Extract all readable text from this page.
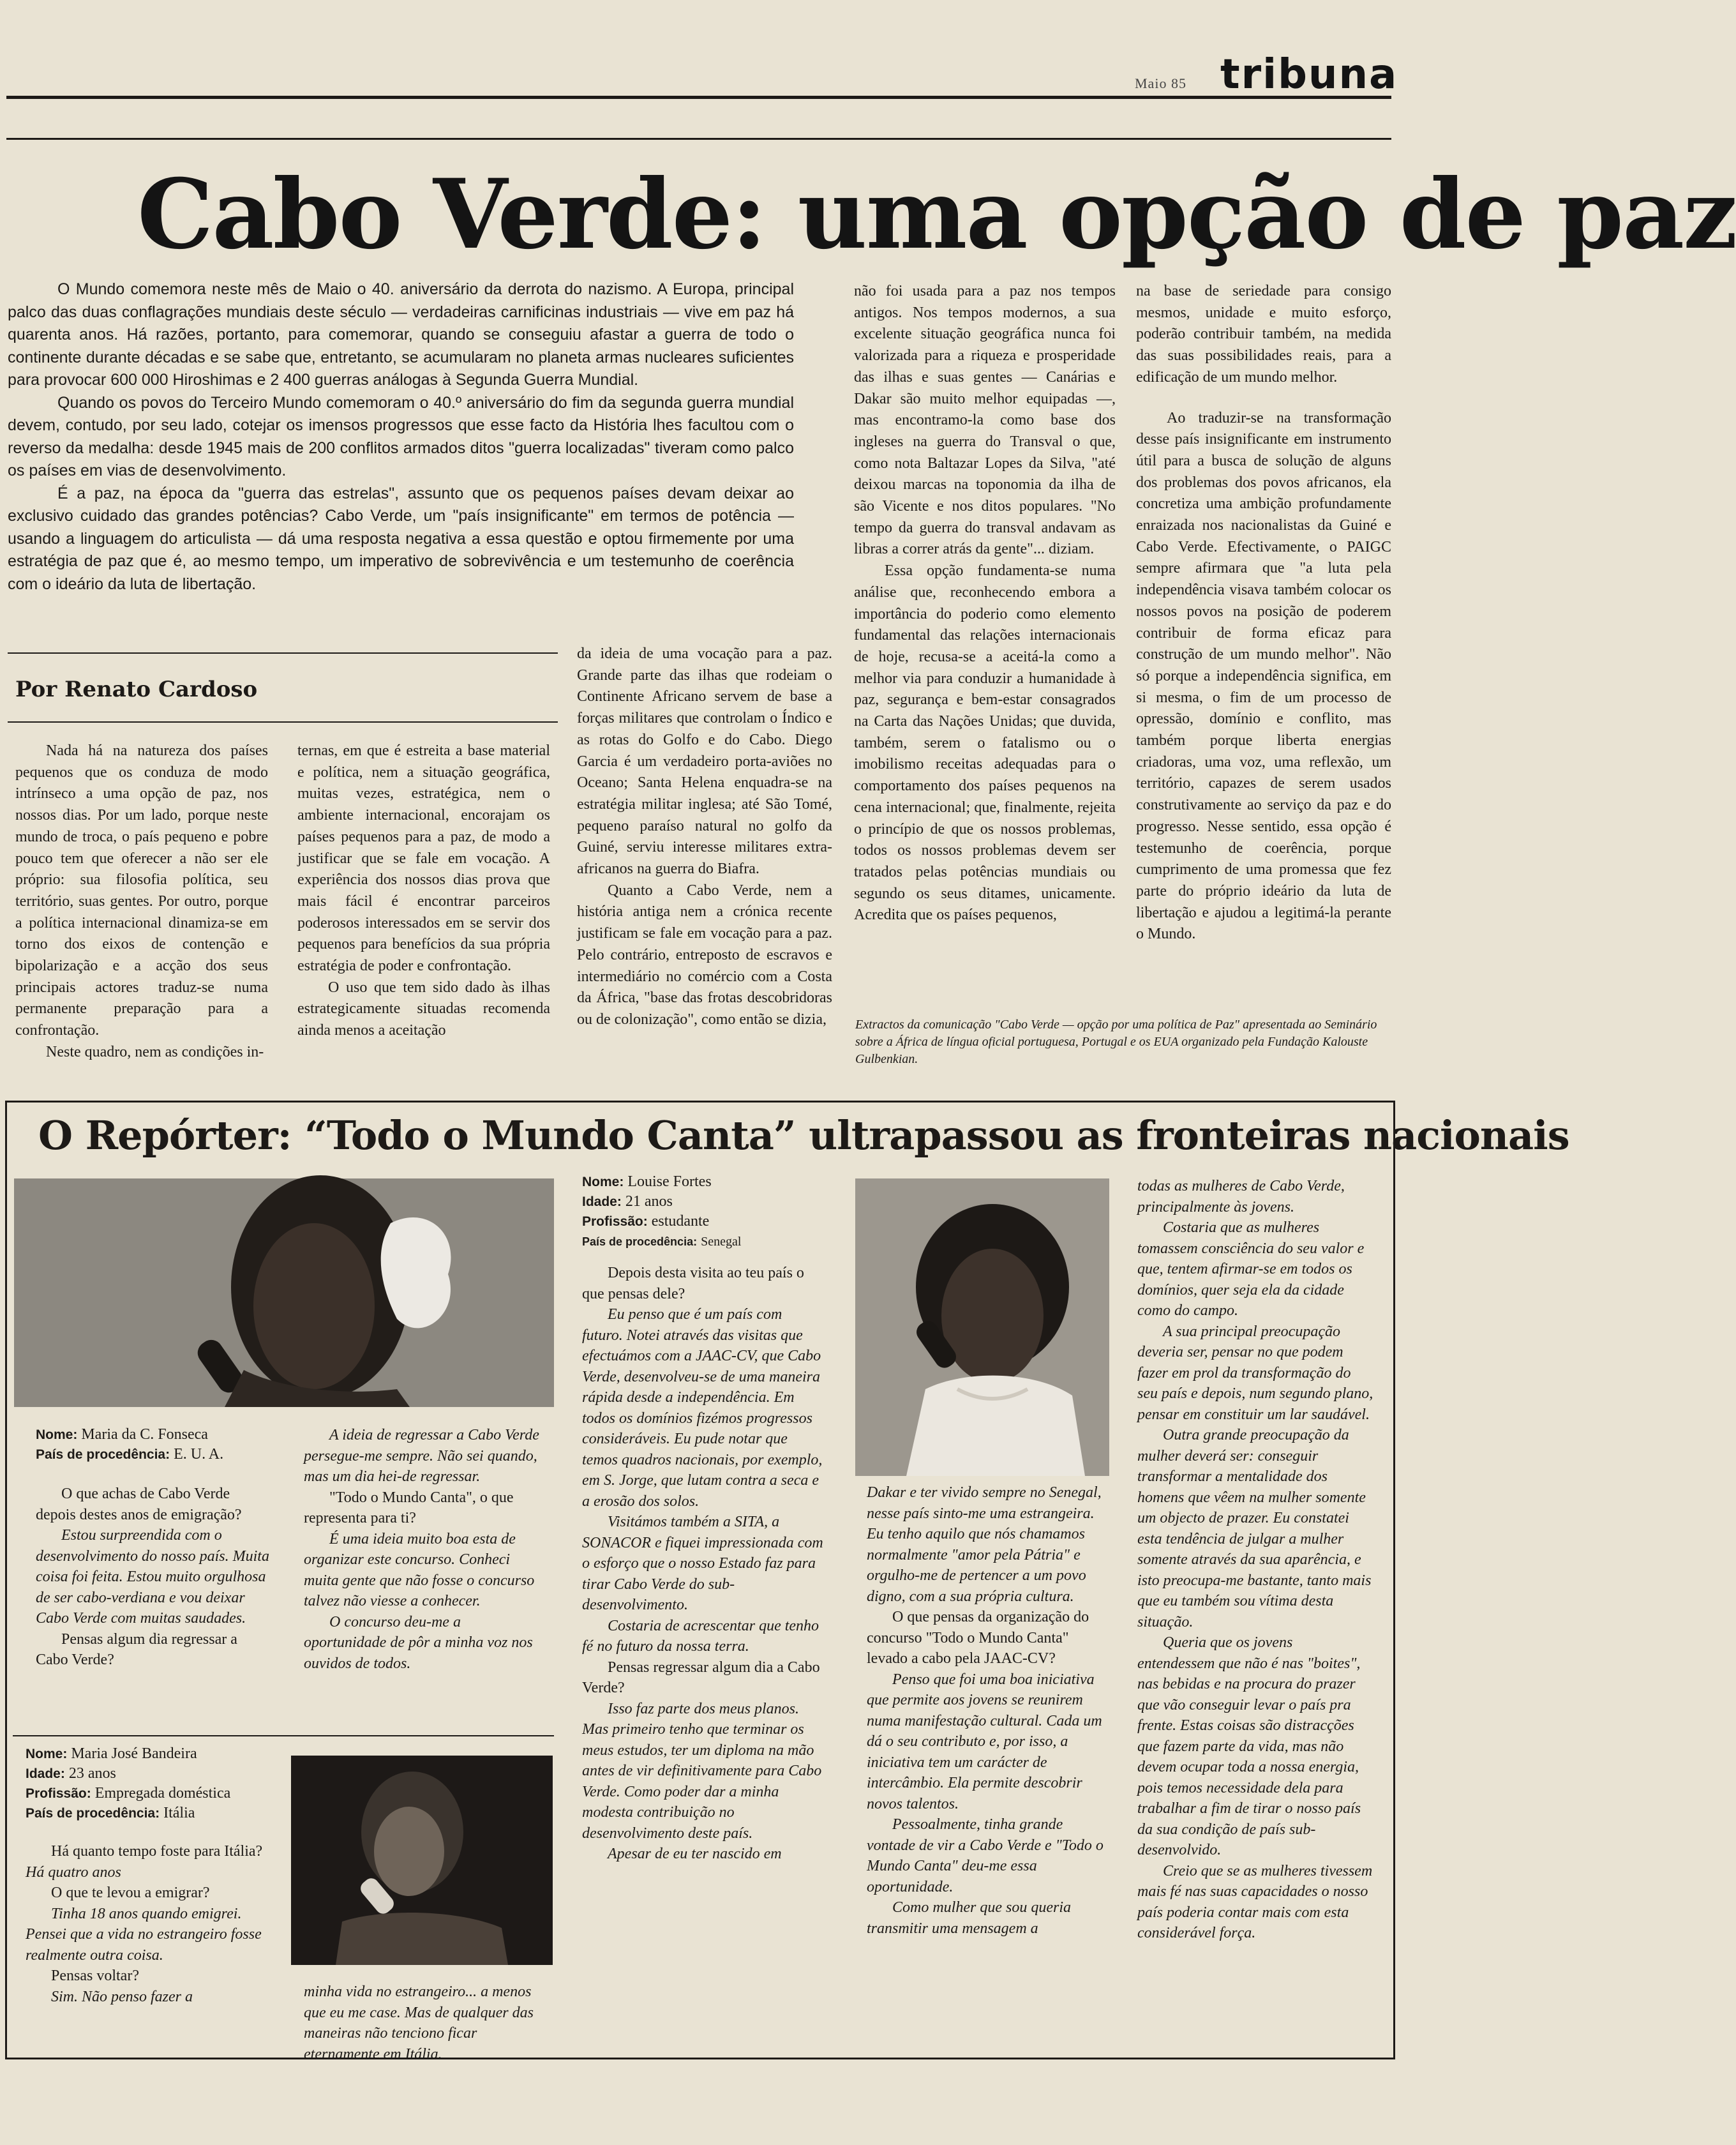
Maio 85 tribuna
Cabo Verde: uma opção de paz

O Mundo comemora neste mês de Maio o 40. aniversário da derrota do nazismo. A Europa, principal palco das duas conflagrações mundiais deste século — verdadeiras carnificinas industriais — vive em paz há quarenta anos. Há razões, portanto, para comemorar, quando se conseguiu afastar a guerra de todo o continente durante décadas e se sabe que, entretanto, se acumularam no planeta armas nucleares suficientes para provocar 600 000 Hiroshimas e 2 400 guerras análogas à Segunda Guerra Mundial.

Quando os povos do Terceiro Mundo comemoram o 40.º aniversário do fim da segunda guerra mundial devem, contudo, por seu lado, cotejar os imensos progressos que esse facto da História lhes facultou com o reverso da medalha: desde 1945 mais de 200 conflitos armados ditos "guerra localizadas" tiveram como palco os países em vias de desenvolvimento.

É a paz, na época da "guerra das estrelas", assunto que os pequenos países devam deixar ao exclusivo cuidado das grandes potências? Cabo Verde, um "país insignificante" em termos de potência — usando a linguagem do articulista — dá uma resposta negativa a essa questão e optou firmemente por uma estratégia de paz que é, ao mesmo tempo, um imperativo de sobrevivência e um testemunho de coerência com o ideário da luta de libertação.

Por Renato Cardoso

Nada há na natureza dos países pequenos que os conduza de modo intrínseco a uma opção de paz, nos nossos dias. Por um lado, porque neste mundo de troca, o país pequeno e pobre pouco tem que oferecer a não ser ele próprio: sua filosofia política, seu território, suas gentes. Por outro, porque a política internacional dinamiza-se em torno dos eixos de contenção e bipolarização e a acção dos seus principais actores traduz-se numa permanente preparação para a confrontação.

Neste quadro, nem as condições in-

ternas, em que é estreita a base material e política, nem a situação geográfica, muitas vezes, estratégica, nem o ambiente internacional, encorajam os países pequenos para a paz, de modo a justificar que se fale em vocação. A experiência dos nossos dias prova que mais fácil é encontrar parceiros poderosos interessados em se servir dos pequenos para benefícios da sua própria estratégia de poder e confrontação.

O uso que tem sido dado às ilhas estrategicamente situadas recomenda ainda menos a aceitação

da ideia de uma vocação para a paz. Grande parte das ilhas que rodeiam o Continente Africano servem de base a forças militares que controlam o Índico e as rotas do Golfo e do Cabo. Diego Garcia é um verdadeiro porta-aviões no Oceano; Santa Helena enquadra-se na estratégia militar inglesa; até São Tomé, pequeno paraíso natural no golfo da Guiné, serviu interesse militares extra-africanos na guerra do Biafra.

Quanto a Cabo Verde, nem a história antiga nem a crónica recente justificam se fale em vocação para a paz. Pelo contrário, entreposto de escravos e intermediário no comércio com a Costa da África, "base das frotas descobridoras ou de colonização", como então se dizia,

não foi usada para a paz nos tempos antigos. Nos tempos modernos, a sua excelente situação geográfica nunca foi valorizada para a riqueza e prosperidade das ilhas e suas gentes — Canárias e Dakar são muito melhor equipadas —, mas encontramo-la como base dos ingleses na guerra do Transval o que, como nota Baltazar Lopes da Silva, "até deixou marcas na toponomia da ilha de são Vicente e nos ditos populares. "No tempo da guerra do transval andavam as libras a correr atrás da gente"... diziam.

Essa opção fundamenta-se numa análise que, reconhecendo embora a importância do poderio como elemento fundamental das relações internacionais de hoje, recusa-se a aceitá-la como a melhor via para conduzir a humanidade à paz, segurança e bem-estar consagrados na Carta das Nações Unidas; que duvida, também, serem o fatalismo ou o imobilismo receitas adequadas para o comportamento dos países pequenos na cena internacional; que, finalmente, rejeita o princípio de que os nossos problemas, todos os nossos problemas devem ser tratados pelas potências mundiais ou segundo os seus ditames, unicamente. Acredita que os países pequenos,

na base de seriedade para consigo mesmos, unidade e muito esforço, poderão contribuir também, na medida das suas possibilidades reais, para a edificação de um mundo melhor.

Ao traduzir-se na transformação desse país insignificante em instrumento útil para a busca de solução de alguns dos problemas dos povos africanos, ela concretiza uma ambição profundamente enraizada nos nacionalistas da Guiné e Cabo Verde. Efectivamente, o PAIGC sempre afirmara que "a luta pela independência visava também colocar os nossos povos na posição de poderem contribuir de forma eficaz para construção de um mundo melhor". Não só porque a independência significa, em si mesma, o fim de um processo de opressão, domínio e conflito, mas também porque liberta energias criadoras, uma voz, uma reflexão, um território, capazes de serem usados construtivamente ao serviço da paz e do progresso. Nesse sentido, essa opção é testemunho de coerência, porque cumprimento de uma promessa que fez parte do próprio ideário da luta de libertação e ajudou a legitimá-la perante o Mundo.

Extractos da comunicação "Cabo Verde — opção por uma política de Paz" apresentada ao Seminário sobre a África de língua oficial portuguesa, Portugal e os EUA organizado pela Fundação Kalouste Gulbenkian.
O Repórter: “Todo o Mundo Canta” ultrapassou as fronteiras nacionais

Nome: Maria da C. Fonseca

País de procedência: E. U. A.

O que achas de Cabo Verde depois destes anos de emigração?

Estou surpreendida com o desenvolvimento do nosso país. Muita coisa foi feita. Estou muito orgulhosa de ser cabo-verdiana e vou deixar Cabo Verde com muitas saudades.

Pensas algum dia regressar a Cabo Verde?

A ideia de regressar a Cabo Verde persegue-me sempre. Não sei quando, mas um dia hei-de regressar.

"Todo o Mundo Canta", o que representa para ti?

É uma ideia muito boa esta de organizar este concurso. Conheci muita gente que não fosse o concurso talvez não viesse a conhecer.

O concurso deu-me a oportunidade de pôr a minha voz nos ouvidos de todos.

Nome: Maria José Bandeira

Idade: 23 anos

Profissão: Empregada doméstica

País de procedência: Itália

Há quanto tempo foste para Itália?

Há quatro anos

O que te levou a emigrar?

Tinha 18 anos quando emigrei. Pensei que a vida no estrangeiro fosse realmente outra coisa.

Pensas voltar?

Sim. Não penso fazer a	minha vida no estrangeiro... a menos que eu me case. Mas de qualquer das maneiras não tenciono ficar eternamente em Itália.

Nome: Louise Fortes

Idade: 21 anos

Profissão: estudante

País de procedência: Senegal

Depois desta visita ao teu país o que pensas dele?

Eu penso que é um país com futuro. Notei através das visitas que efectuámos com a JAAC-CV, que Cabo Verde, desenvolveu-se de uma maneira rápida desde a independência. Em todos os domínios fizémos progressos consideráveis. Eu pude notar que temos quadros nacionais, por exemplo, em S. Jorge, que lutam contra a seca e a erosão dos solos.

Visitámos também a SITA, a SONACOR e fiquei impressionada com o esforço que o nosso Estado faz para tirar Cabo Verde do sub-desenvolvimento.

Costaria de acrescentar que tenho fé no futuro da nossa terra.

Pensas regressar algum dia a Cabo Verde?

Isso faz parte dos meus planos. Mas primeiro tenho que terminar os meus estudos, ter um diploma na mão antes de vir definitivamente para Cabo Verde. Como poder dar a minha modesta contribuição no desenvolvimento deste país.

Apesar de eu ter nascido em

Dakar e ter vivido sempre no Senegal, nesse país sinto-me uma estrangeira. Eu tenho aquilo que nós chamamos normalmente "amor pela Pátria" e orgulho-me de pertencer a um povo digno, com a sua própria cultura.

O que pensas da organização do concurso "Todo o Mundo Canta" levado a cabo pela JAAC-CV?

Penso que foi uma boa iniciativa que permite aos jovens se reunirem numa manifestação cultural. Cada um dá o seu contributo e, por isso, a iniciativa tem um carácter de intercâmbio. Ela permite descobrir novos talentos.

Pessoalmente, tinha grande vontade de vir a Cabo Verde e "Todo o Mundo Canta" deu-me essa oportunidade.

Como mulher que sou queria transmitir uma mensagem a

todas as mulheres de Cabo Verde, principalmente às jovens.

Costaria que as mulheres tomassem consciência do seu valor e que, tentem afirmar-se em todos os domínios, quer seja ela da cidade como do campo.

A sua principal preocupação deveria ser, pensar no que podem fazer em prol da transformação do seu país e depois, num segundo plano, pensar em constituir um lar saudável.

Outra grande preocupação da mulher deverá ser: conseguir transformar a mentalidade dos homens que vêem na mulher somente um objecto de prazer. Eu constatei esta tendência de julgar a mulher somente através da sua aparência, e isto preocupa-me bastante, tanto mais que eu também sou vítima desta situação.

Queria que os jovens entendessem que não é nas "boites", nas bebidas e na procura do prazer que vão conseguir levar o país pra frente. Estas coisas são distracções que fazem parte da vida, mas não devem ocupar toda a nossa energia, pois temos necessidade dela para trabalhar a fim de tirar o nosso país da sua condição de país sub-desenvolvido.

Creio que se as mulheres tivessem mais fé nas suas capacidades o nosso país poderia contar mais com esta considerável força.
